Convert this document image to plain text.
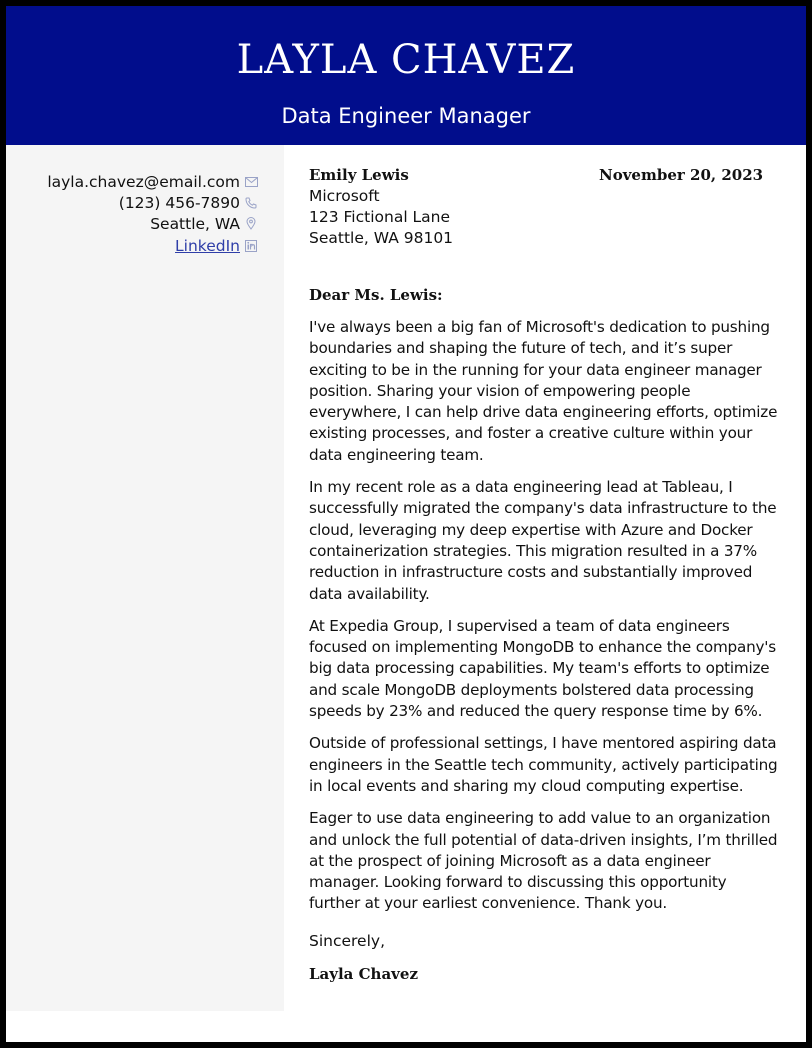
LAYLA CHAVEZ
Data Engineer Manager
layla.chavez@email.com
(123) 456-7890
Seattle, WA
LinkedIn
Emily Lewis	November 20, 2023
Microsoft
123 Fictional Lane
Seattle, WA 98101
Dear Ms. Lewis:

I've always been a big fan of Microsoft's dedication to pushing boundaries and shaping the future of tech, and it’s super exciting to be in the running for your data engineer manager position. Sharing your vision of empowering people everywhere, I can help drive data engineering efforts, optimize existing processes, and foster a creative culture within your data engineering team.

In my recent role as a data engineering lead at Tableau, I successfully migrated the company's data infrastructure to the cloud, leveraging my deep expertise with Azure and Docker containerization strategies. This migration resulted in a 37% reduction in infrastructure costs and substantially improved data availability.

At Expedia Group, I supervised a team of data engineers focused on implementing MongoDB to enhance the company's big data processing capabilities. My team's efforts to optimize and scale MongoDB deployments bolstered data processing speeds by 23% and reduced the query response time by 6%.

Outside of professional settings, I have mentored aspiring data engineers in the Seattle tech community, actively participating in local events and sharing my cloud computing expertise.

Eager to use data engineering to add value to an organization and unlock the full potential of data-driven insights, I’m thrilled at the prospect of joining Microsoft as a data engineer manager. Looking forward to discussing this opportunity further at your earliest convenience. Thank you.

Sincerely,
Layla Chavez
